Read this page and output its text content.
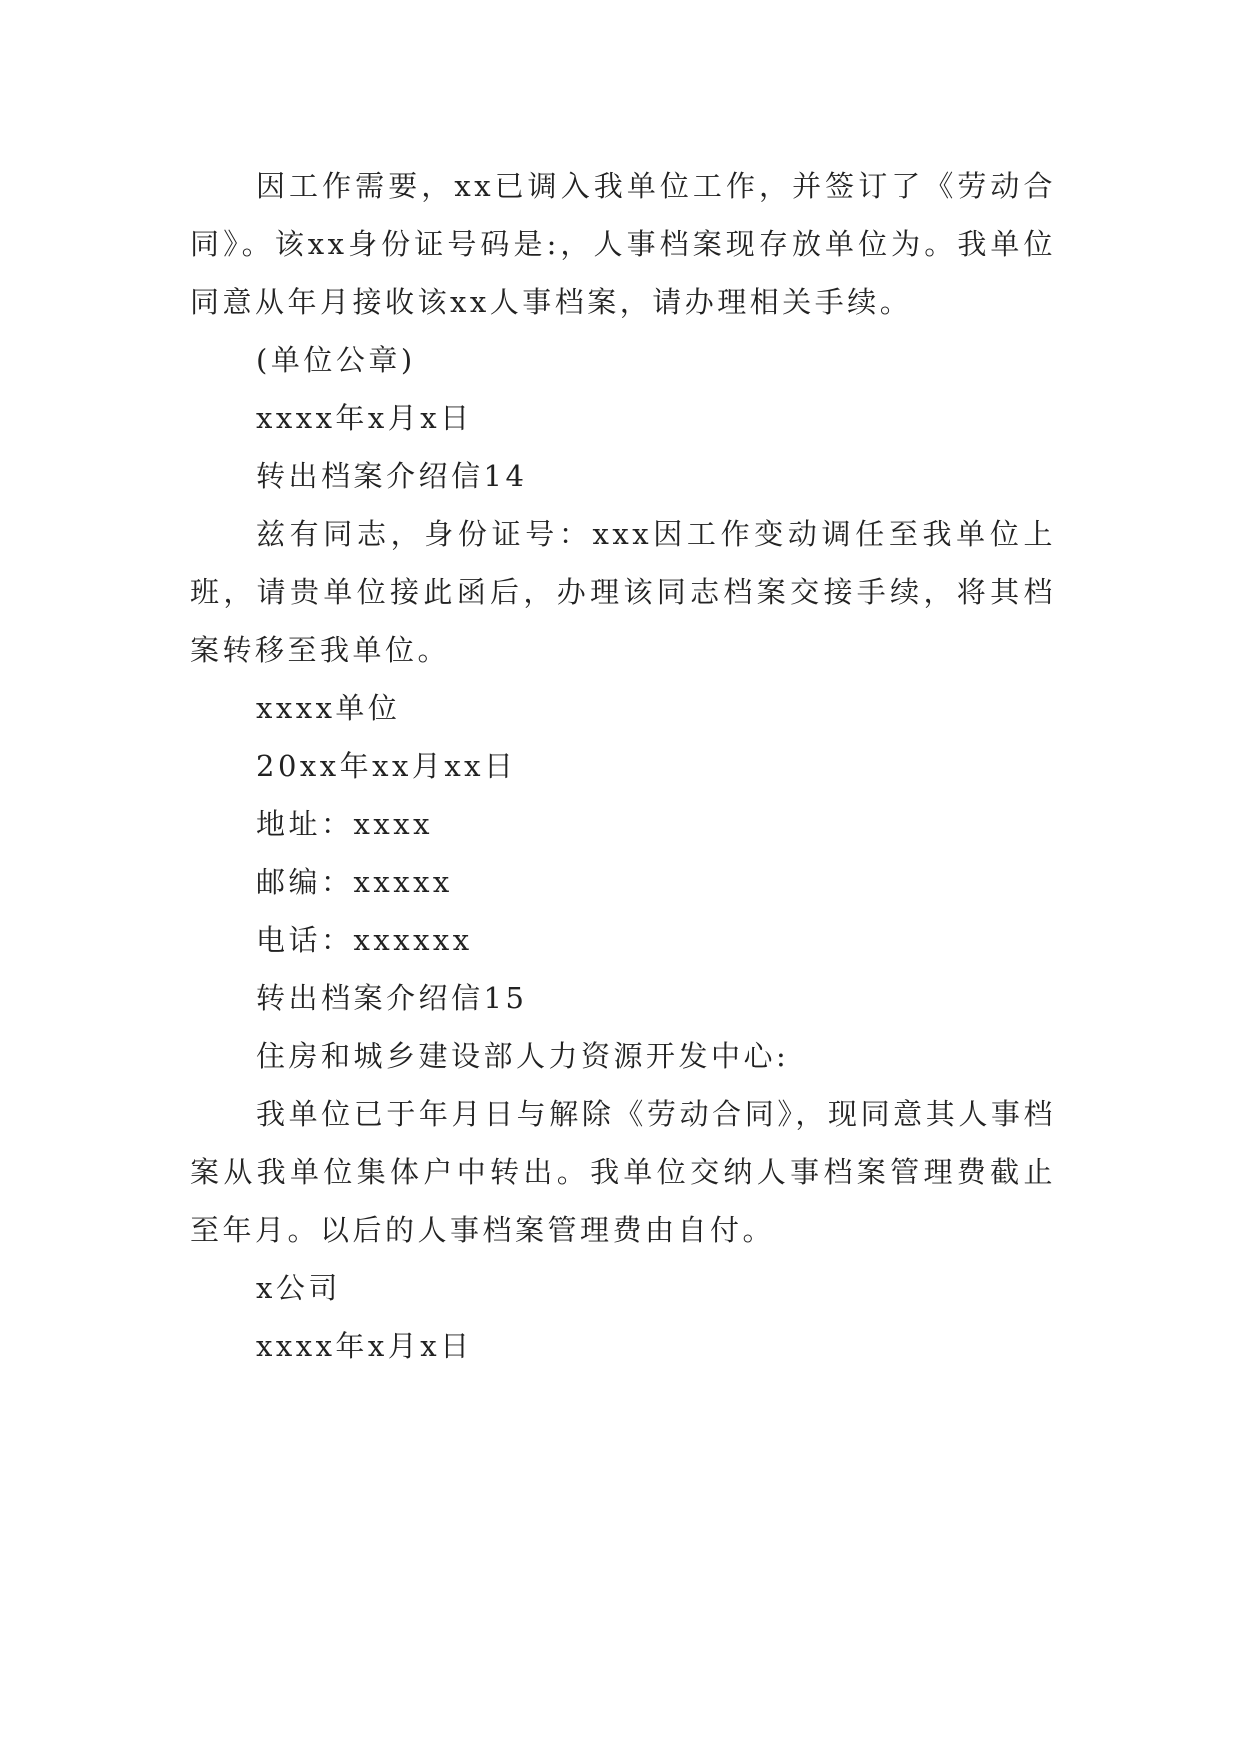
因工作需要，xx已调入我单位工作，并签订了《劳动合同》。该xx身份证号码是:，人事档案现存放单位为。我单位同意从年月接收该xx人事档案，请办理相关手续。

(单位公章)

xxxx年x月x日

转出档案介绍信14

兹有同志，身份证号：xxx因工作变动调任至我单位上班，请贵单位接此函后，办理该同志档案交接手续，将其档案转移至我单位。

xxxx单位

20xx年xx月xx日

地址：xxxx

邮编：xxxxx

电话：xxxxxx

转出档案介绍信15

住房和城乡建设部人力资源开发中心:

我单位已于年月日与解除《劳动合同》，现同意其人事档案从我单位集体户中转出。我单位交纳人事档案管理费截止至年月。以后的人事档案管理费由自付。

x公司

xxxx年x月x日
